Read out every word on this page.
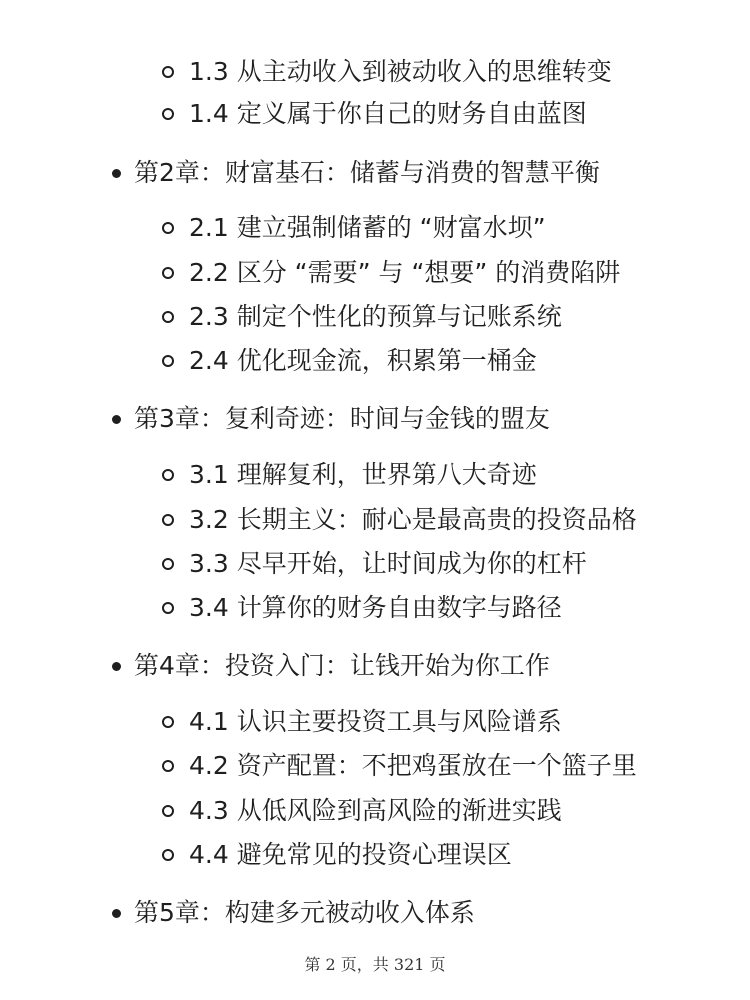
1.3 从主动收入到被动收入的思维转变
1.4 定义属于你自己的财务自由蓝图
第2章：财富基石：储蓄与消费的智慧平衡
2.1 建立强制储蓄的 “财富水坝”
2.2 区分 “需要” 与 “想要” 的消费陷阱
2.3 制定个性化的预算与记账系统
2.4 优化现金流，积累第一桶金
第3章：复利奇迹：时间与金钱的盟友
3.1 理解复利，世界第八大奇迹
3.2 长期主义：耐心是最高贵的投资品格
3.3 尽早开始，让时间成为你的杠杆
3.4 计算你的财务自由数字与路径
第4章：投资入门：让钱开始为你工作
4.1 认识主要投资工具与风险谱系
4.2 资产配置：不把鸡蛋放在一个篮子里
4.3 从低风险到高风险的渐进实践
4.4 避免常见的投资心理误区
第5章：构建多元被动收入体系
第 2 页，共 321 页
